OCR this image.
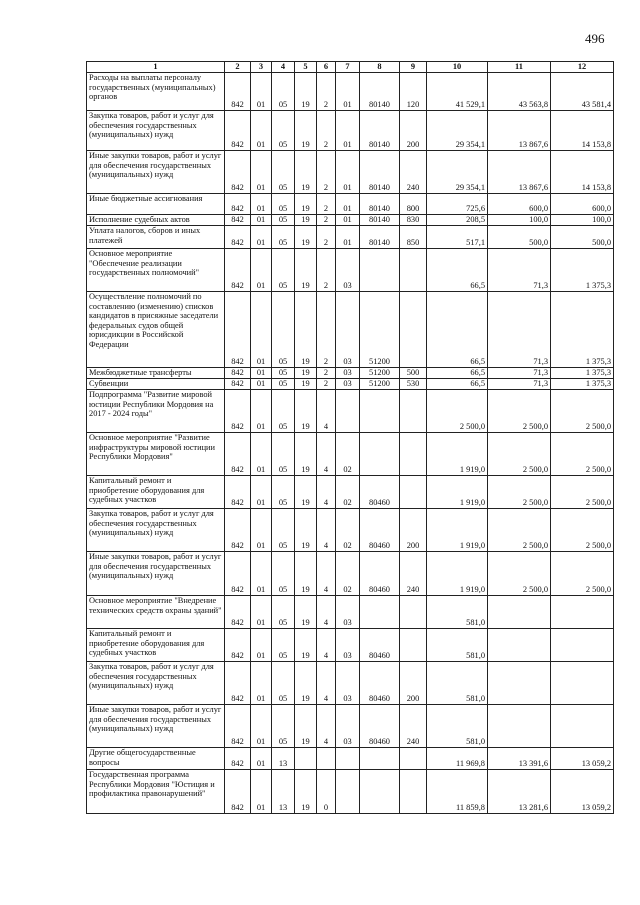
496
1	2	3	4	5	6	7	8	9	10	11	12
Расходы на выплаты персоналу государственных (муниципальных) органов	842	01	05	19	2	01	80140	120	41 529,1	43 563,8	43 581,4
Закупка товаров, работ и услуг для обеспечения государственных (муниципальных) нужд	842	01	05	19	2	01	80140	200	29 354,1	13 867,6	14 153,8
Иные закупки товаров, работ и услуг для обеспечения государственных (муниципальных) нужд	842	01	05	19	2	01	80140	240	29 354,1	13 867,6	14 153,8
Иные бюджетные ассигнования	842	01	05	19	2	01	80140	800	725,6	600,0	600,0
Исполнение судебных актов	842	01	05	19	2	01	80140	830	208,5	100,0	100,0
Уплата налогов, сборов и иных платежей	842	01	05	19	2	01	80140	850	517,1	500,0	500,0
Основное мероприятие "Обеспечение реализации государственных полномочий"	842	01	05	19	2	03			66,5	71,3	1 375,3
Осуществление полномочий по составлению (изменению) списков кандидатов в присяжные заседатели федеральных судов общей юрисдикции в Российской Федерации	842	01	05	19	2	03	51200		66,5	71,3	1 375,3
Межбюджетные трансферты	842	01	05	19	2	03	51200	500	66,5	71,3	1 375,3
Субвенции	842	01	05	19	2	03	51200	530	66,5	71,3	1 375,3
Подпрограмма "Развитие мировой юстиции Республики Мордовия на 2017 - 2024 годы"	842	01	05	19	4				2 500,0	2 500,0	2 500,0
Основное мероприятие "Развитие инфраструктуры мировой юстиции Республики Мордовия"	842	01	05	19	4	02			1 919,0	2 500,0	2 500,0
Капитальный ремонт и приобретение оборудования для судебных участков	842	01	05	19	4	02	80460		1 919,0	2 500,0	2 500,0
Закупка товаров, работ и услуг для обеспечения государственных (муниципальных) нужд	842	01	05	19	4	02	80460	200	1 919,0	2 500,0	2 500,0
Иные закупки товаров, работ и услуг для обеспечения государственных (муниципальных) нужд	842	01	05	19	4	02	80460	240	1 919,0	2 500,0	2 500,0
Основное мероприятие "Внедрение технических средств охраны зданий"	842	01	05	19	4	03			581,0		
Капитальный ремонт и приобретение оборудования для судебных участков	842	01	05	19	4	03	80460		581,0		
Закупка товаров, работ и услуг для обеспечения государственных (муниципальных) нужд	842	01	05	19	4	03	80460	200	581,0		
Иные закупки товаров, работ и услуг для обеспечения государственных (муниципальных) нужд	842	01	05	19	4	03	80460	240	581,0		
Другие общегосударственные вопросы	842	01	13						11 969,8	13 391,6	13 059,2
Государственная программа Республики Мордовия "Юстиция и профилактика правонарушений"	842	01	13	19	0				11 859,8	13 281,6	13 059,2
